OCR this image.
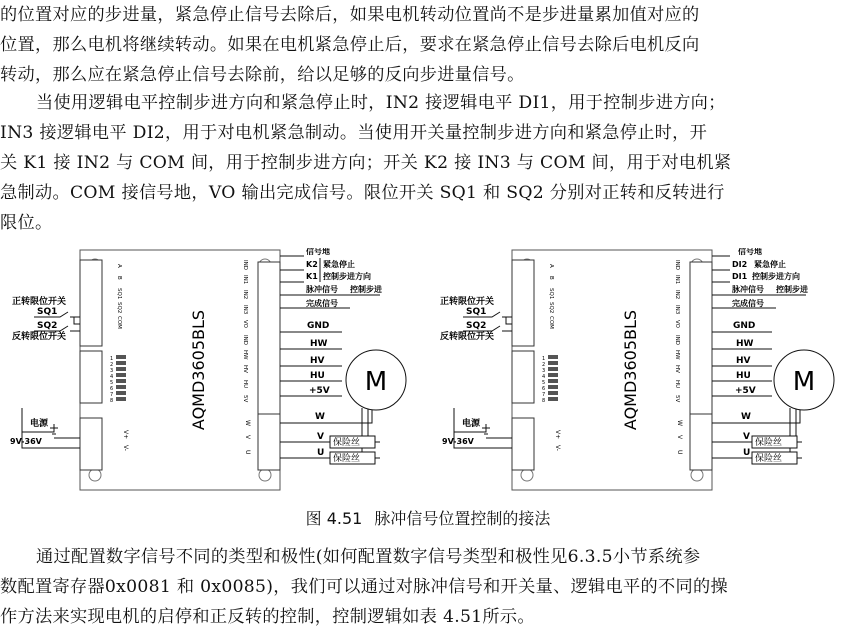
的位置对应的步进量，紧急停止信号去除后，如果电机转动位置尚不是步进量累加值对应的
位置，那么电机将继续转动。如果在电机紧急停止后，要求在紧急停止信号去除后电机反向
转动，那么应在紧急停止信号去除前，给以足够的反向步进量信号。
当使用逻辑电平控制步进方向和紧急停止时，IN2 接逻辑电平 DI1，用于控制步进方向；
IN3 接逻辑电平 DI2，用于对电机紧急制动。当使用开关量控制步进方向和紧急停止时，开
关 K1 接 IN2 与 COM 间，用于控制步进方向；开关 K2 接 IN3 与 COM 间，用于对电机紧
急制动。COM 接信号地，VO 输出完成信号。限位开关 SQ1 和 SQ2 分别对正转和反转进行
限位。
AQMD3605BLS
A
B
SQ1
SQ2
COM
IND
IN1
IN2
IN3
VO
IND
HW
HV
HU
5V
1
2
3
4
5
6
7
8
V+
V-
W
V
U
正转限位开关
SQ1
SQ2
反转限位开关
电源
9V-36V
信号地
K2 紧急停止
K1 控制步进方向
脉冲信号 控制步进
完成信号
GND
HW
HV
HU
+5V
W
V
U
保险丝
保险丝
M	AQMD3605BLS
A
B
SQ1
SQ2
COM
IND
IN1
IN2
IN3
VO
IND
HW
HV
HU
5V
1
2
3
4
5
6
7
8
V+
V-
W
V
U
正转限位开关
SQ1
SQ2
反转限位开关
电源
9V-36V
信号地
DI2 紧急停止
DI1 控制步进方向
脉冲信号 控制步进
完成信号
GND
HW
HV
HU
+5V
W
V
U
保险丝
保险丝
M
图 4.51 脉冲信号位置控制的接法
通过配置数字信号不同的类型和极性(如何配置数字信号类型和极性见6.3.5小节系统参
数配置寄存器0x0081 和 0x0085)，我们可以通过对脉冲信号和开关量、逻辑电平的不同的操
作方法来实现电机的启停和正反转的控制，控制逻辑如表 4.51所示。
